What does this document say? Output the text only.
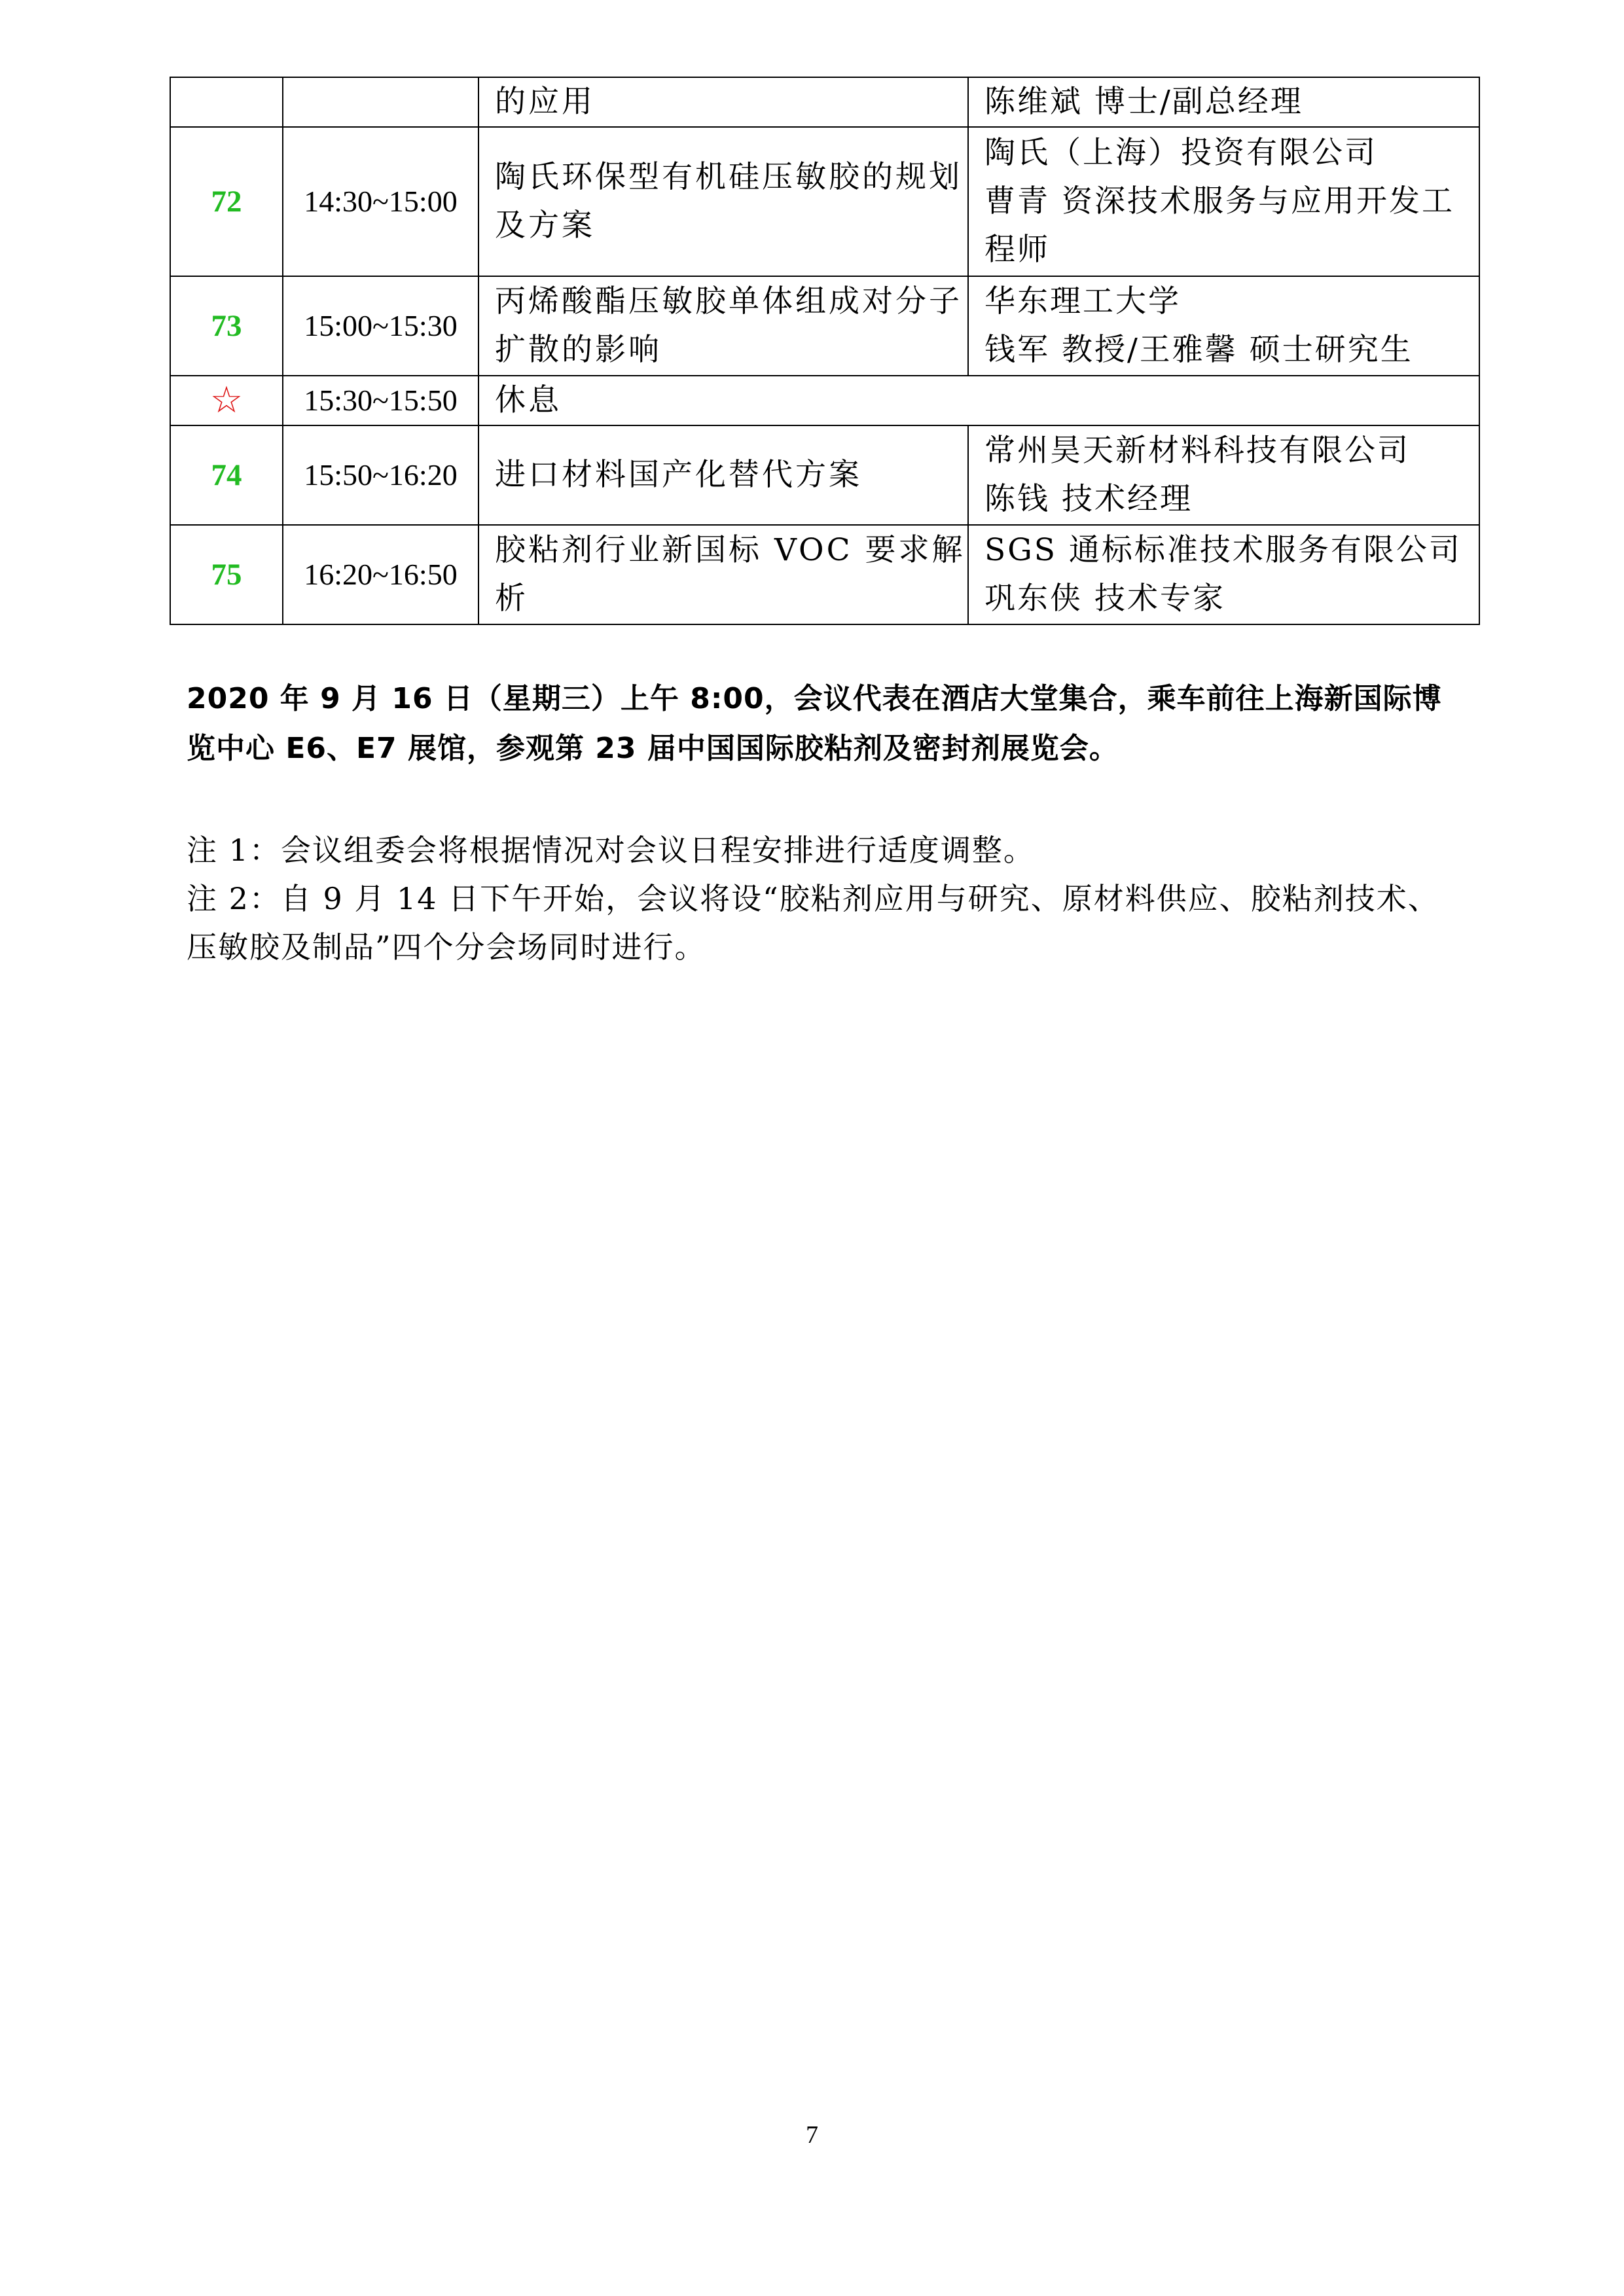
		的应用	陈维斌 博士/副总经理

72	14:30~15:00	陶氏环保型有机硅压敏胶的规划
及方案	陶氏（上海）投资有限公司
曹青 资深技术服务与应用开发工
程师

73	15:00~15:30	丙烯酸酯压敏胶单体组成对分子
扩散的影响	华东理工大学
钱军 教授/王雅馨 硕士研究生

☆	15:30~15:50	休息	

74	15:50~16:20	进口材料国产化替代方案	常州昊天新材料科技有限公司
陈钱 技术经理

75	16:20~16:50	胶粘剂行业新国标 VOC 要求解
析	SGS 通标标准技术服务有限公司
巩东侠 技术专家
2020 年 9 月 16 日（星期三）上午 8:00，会议代表在酒店大堂集合，乘车前往上海新国际博
览中心 E6、E7 展馆，参观第 23 届中国国际胶粘剂及密封剂展览会。
注 1：会议组委会将根据情况对会议日程安排进行适度调整。
注 2：自 9 月 14 日下午开始，会议将设“胶粘剂应用与研究、原材料供应、胶粘剂技术、
压敏胶及制品”四个分会场同时进行。
7
